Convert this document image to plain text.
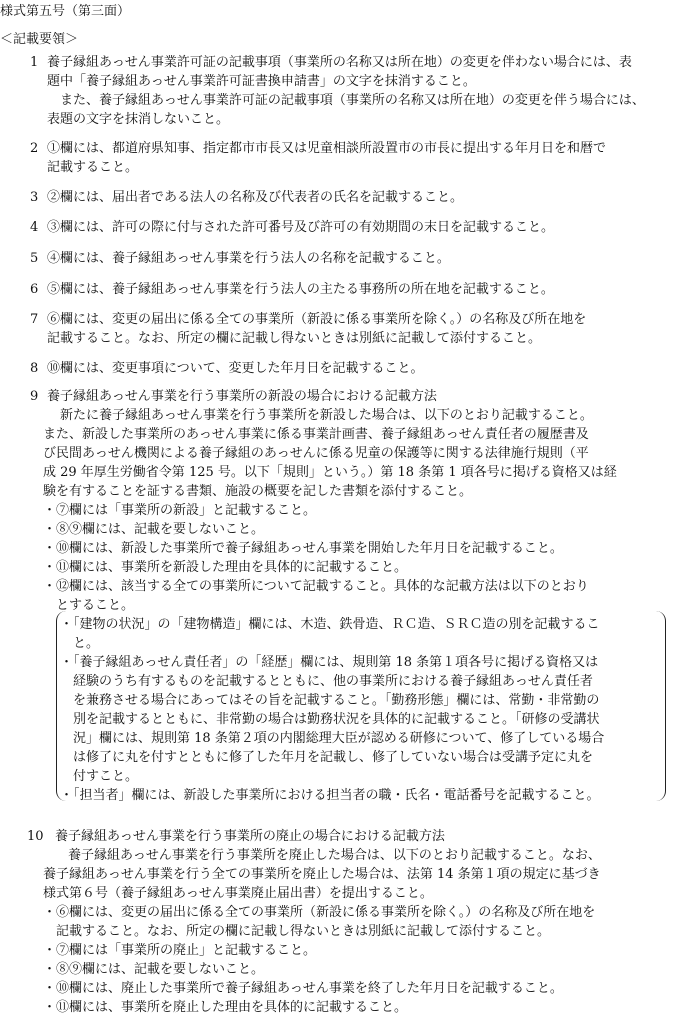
様式第五号（第三面）
＜記載要領＞
1 養子縁組あっせん事業許可証の記載事項（事業所の名称又は所在地）の変更を伴わない場合には、表
題中「養子縁組あっせん事業許可証書換申請書」の文字を抹消すること。
　また、養子縁組あっせん事業許可証の記載事項（事業所の名称又は所在地）の変更を伴う場合には、
表題の文字を抹消しないこと。
2 ①欄には、都道府県知事、指定都市市長又は児童相談所設置市の市長に提出する年月日を和暦で
記載すること。
3 ②欄には、届出者である法人の名称及び代表者の氏名を記載すること。
4 ③欄には、許可の際に付与された許可番号及び許可の有効期間の末日を記載すること。
5 ④欄には、養子縁組あっせん事業を行う法人の名称を記載すること。
6 ⑤欄には、養子縁組あっせん事業を行う法人の主たる事務所の所在地を記載すること。
7 ⑥欄には、変更の届出に係る全ての事業所（新設に係る事業所を除く。）の名称及び所在地を
記載すること。なお、所定の欄に記載し得ないときは別紙に記載して添付すること。
8 ⑩欄には、変更事項について、変更した年月日を記載すること。
9 養子縁組あっせん事業を行う事業所の新設の場合における記載方法
　新たに養子縁組あっせん事業を行う事業所を新設した場合は、以下のとおり記載すること。
また、新設した事業所のあっせん事業に係る事業計画書、養子縁組あっせん責任者の履歴書及
び民間あっせん機関による養子縁組のあっせんに係る児童の保護等に関する法律施行規則（平
成 29 年厚生労働省令第 125 号。以下「規則」という。）第 18 条第 1 項各号に掲げる資格又は経
験を有することを証する書類、施設の概要を記した書類を添付すること。
・⑦欄には「事業所の新設」と記載すること。
・⑧⑨欄には、記載を要しないこと。
・⑩欄には、新設した事業所で養子縁組あっせん事業を開始した年月日を記載すること。
・⑪欄には、事業所を新設した理由を具体的に記載すること。
・⑫欄には、該当する全ての事業所について記載すること。具体的な記載方法は以下のとおり
　とすること。
・「建物の状況」の「建物構造」欄には、木造、鉄骨造、ＲＣ造、ＳＲＣ造の別を記載するこ
　と。
・「養子縁組あっせん責任者」の「経歴」欄には、規則第 18 条第１項各号に掲げる資格又は
　経験のうち有するものを記載するとともに、他の事業所における養子縁組あっせん責任者
　を兼務させる場合にあってはその旨を記載すること。「勤務形態」欄には、常勤・非常勤の
　別を記載するとともに、非常勤の場合は勤務状況を具体的に記載すること。「研修の受講状
　況」欄には、規則第 18 条第２項の内閣総理大臣が認める研修について、修了している場合
　は修了に丸を付すとともに修了した年月を記載し、修了していない場合は受講予定に丸を
　付すこと。
・「担当者」欄には、新設した事業所における担当者の職・氏名・電話番号を記載すること。
10 養子縁組あっせん事業を行う事業所の廃止の場合における記載方法
　養子縁組あっせん事業を行う事業所を廃止した場合は、以下のとおり記載すること。なお、
養子縁組あっせん事業を行う全ての事業所を廃止した場合は、法第 14 条第１項の規定に基づき
様式第６号（養子縁組あっせん事業廃止届出書）を提出すること。
・⑥欄には、変更の届出に係る全ての事業所（新設に係る事業所を除く。）の名称及び所在地を
　記載すること。なお、所定の欄に記載し得ないときは別紙に記載して添付すること。
・⑦欄には「事業所の廃止」と記載すること。
・⑧⑨欄には、記載を要しないこと。
・⑩欄には、廃止した事業所で養子縁組あっせん事業を終了した年月日を記載すること。
・⑪欄には、事業所を廃止した理由を具体的に記載すること。
